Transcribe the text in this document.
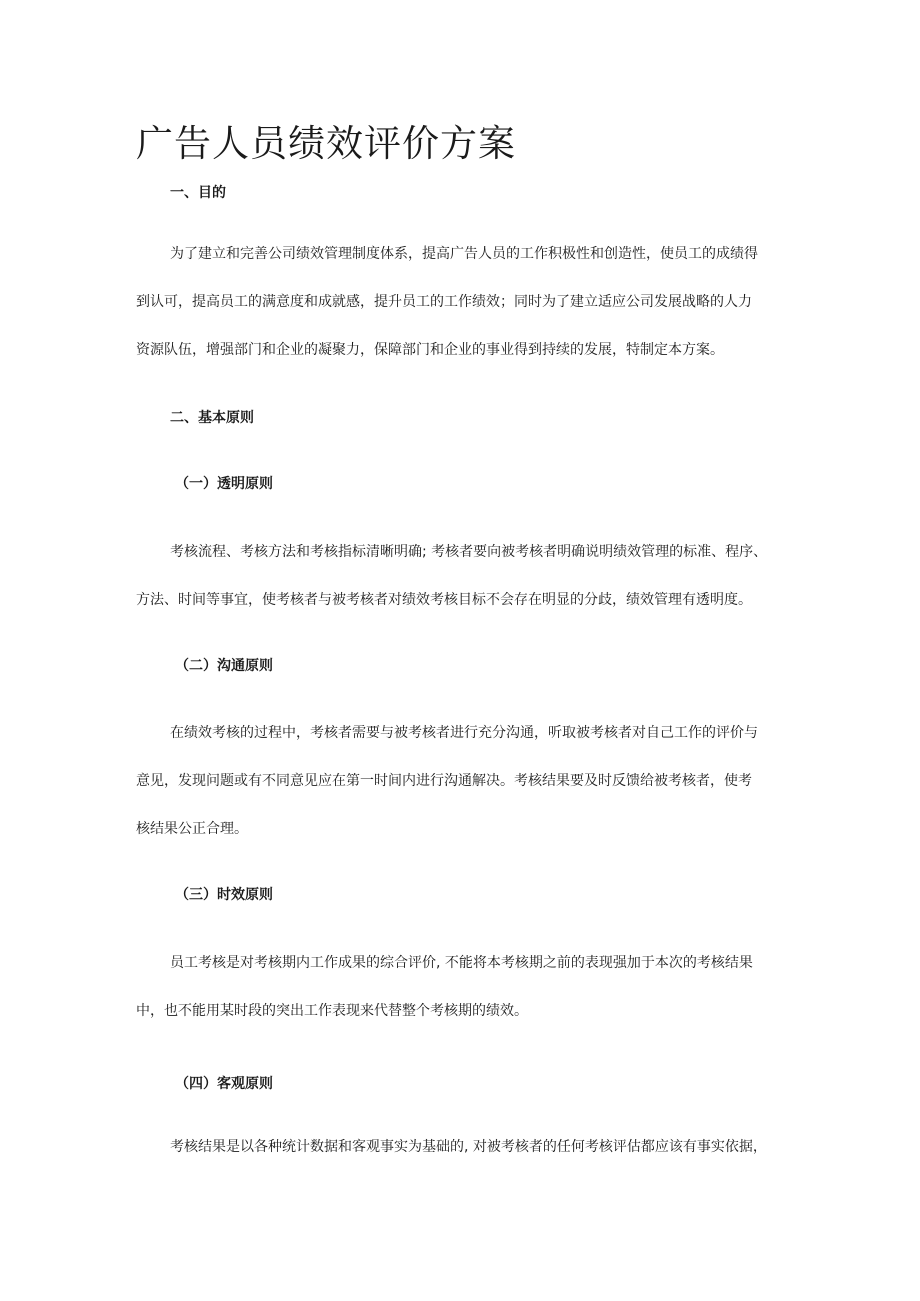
广告人员绩效评价方案
一、目的

为了建立和完善公司绩效管理制度体系，提高广告人员的工作积极性和创造性，使员工的成绩得

到认可，提高员工的满意度和成就感，提升员工的工作绩效；同时为了建立适应公司发展战略的人力

资源队伍，增强部门和企业的凝聚力，保障部门和企业的事业得到持续的发展，特制定本方案。

二、基本原则
（一）透明原则

考核流程、考核方法和考核指标清晰明确; 考核者要向被考核者明确说明绩效管理的标准、程序、

方法、时间等事宜，使考核者与被考核者对绩效考核目标不会存在明显的分歧，绩效管理有透明度。

（二）沟通原则

在绩效考核的过程中，考核者需要与被考核者进行充分沟通，听取被考核者对自己工作的评价与

意见，发现问题或有不同意见应在第一时间内进行沟通解决。考核结果要及时反馈给被考核者，使考

核结果公正合理。

（三）时效原则

员工考核是对考核期内工作成果的综合评价, 不能将本考核期之前的表现强加于本次的考核结果

中，也不能用某时段的突出工作表现来代替整个考核期的绩效。

（四）客观原则

考核结果是以各种统计数据和客观事实为基础的, 对被考核者的任何考核评估都应该有事实依据，
